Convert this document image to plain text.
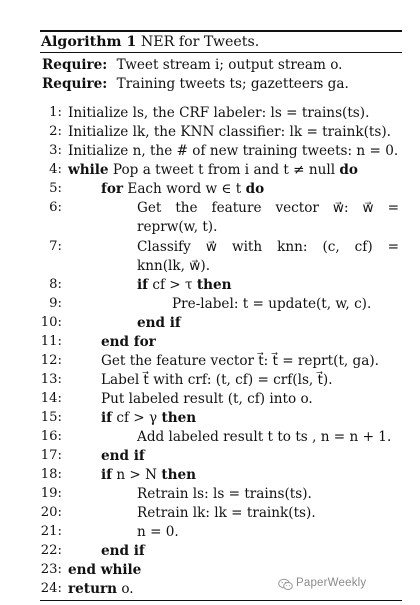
Algorithm 1 NER for Tweets.
Require: Tweet stream i; output stream o.
Require: Training tweets ts; gazetteers ga.
1: Initialize ls, the CRF labeler: ls = trains(ts).
2: Initialize lk, the KNN classifier: lk = traink(ts).
3: Initialize n, the # of new training tweets: n = 0.
4: while Pop a tweet t from i and t ≠ null do
5:	for Each word w ∈ t do
6:	Get the feature vector w⃗: w⃗ =
reprw(w, t).
7:	Classify w⃗ with knn: (c, cf) =
knn(lk, w⃗).
8:	if cf > τ then
9:	Pre-label: t = update(t, w, c).
10:	end if
11:	end for
12:	Get the feature vector t⃗: t⃗ = reprt(t, ga).
13:	Label t⃗ with crf: (t, cf) = crf(ls, t⃗).
14:	Put labeled result (t, cf) into o.
15:	if cf > γ then
16:	Add labeled result t to ts , n = n + 1.
17:	end if
18:	if n > N then
19:	Retrain ls: ls = trains(ts).
20:	Retrain lk: lk = traink(ts).
21:	n = 0.
22:	end if
23: end while
24: return o.	PaperWeekly
